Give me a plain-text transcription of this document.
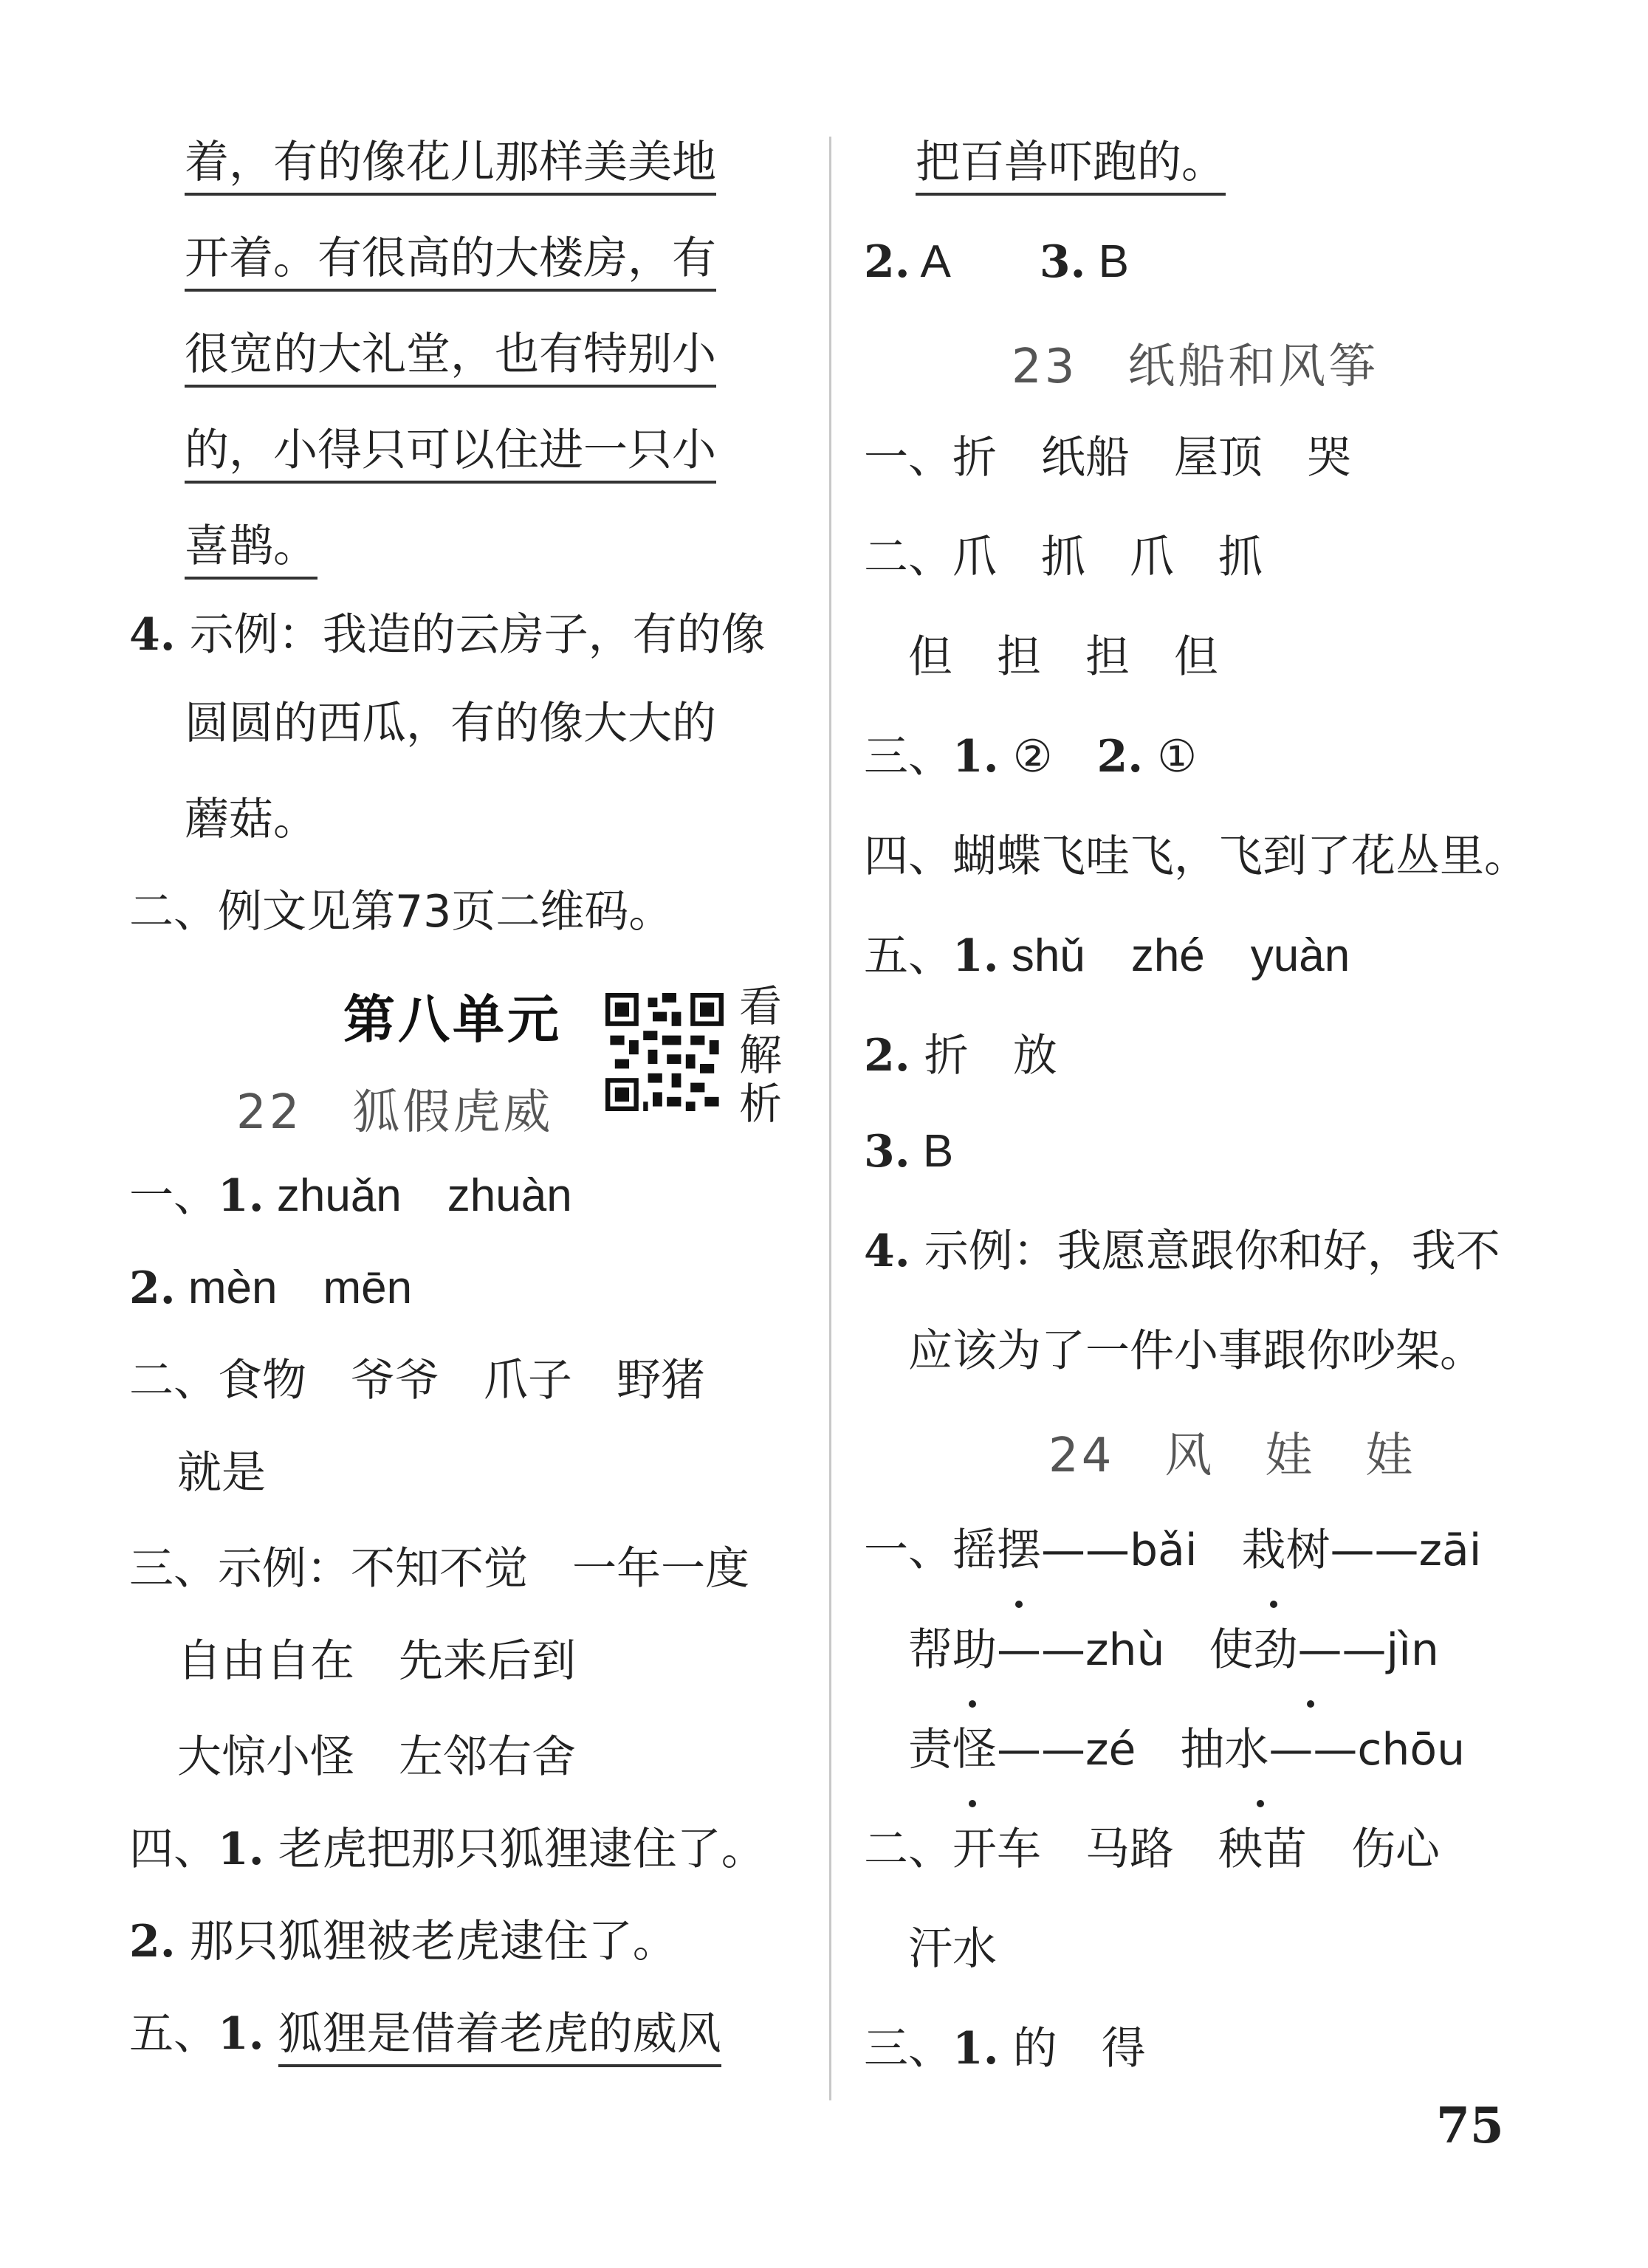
着，有的像花儿那样美美地
开着。有很高的大楼房，有
很宽的大礼堂，也有特别小
的，小得只可以住进一只小
喜鹊。
4. 示例：我造的云房子，有的像
圆圆的西瓜，有的像大大的
蘑菇。
二、例文见第73页二维码。
第八单元	看
解
析
22　狐假虎威
一、1. zhuǎn　zhuàn
2. mèn　mēn
二、食物　爷爷　爪子　野猪
就是
三、示例：不知不觉　一年一度
自由自在　先来后到
大惊小怪　左邻右舍
四、1. 老虎把那只狐狸逮住了。
2. 那只狐狸被老虎逮住了。
五、1. 狐狸是借着老虎的威风
把百兽吓跑的。
2. A　　 3. B
23　纸船和风筝
一、折　纸船　屋顶　哭
二、爪　抓　爪　抓
但　担　担　但
三、1. ②　2. ①
四、蝴蝶飞哇飞，飞到了花丛里。
五、1. shǔ　zhé　yuàn
2. 折　放
3. B
4. 示例：我愿意跟你和好，我不
应该为了一件小事跟你吵架。
24　风　娃　娃
一、摇摆——bǎi　栽树——zāi
帮助——zhù　使劲——jìn
责怪——zé　抽水——chōu
二、开车　马路　秧苗　伤心
汗水
三、1. 的　得
75
